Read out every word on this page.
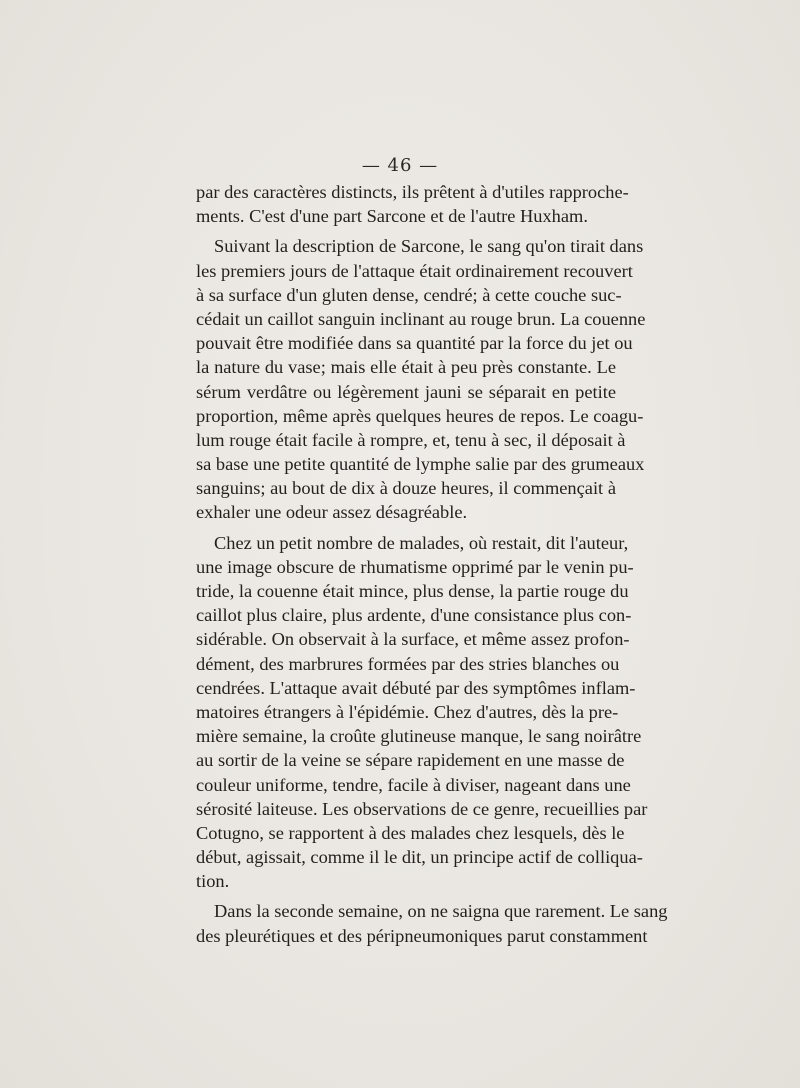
— 46 —
par des caractères distincts, ils prêtent à d'utiles rapproche-
ments. C'est d'une part Sarcone et de l'autre Huxham.
Suivant la description de Sarcone, le sang qu'on tirait dans
les premiers jours de l'attaque était ordinairement recouvert
à sa surface d'un gluten dense, cendré; à cette couche suc-
cédait un caillot sanguin inclinant au rouge brun. La couenne
pouvait être modifiée dans sa quantité par la force du jet ou
la nature du vase; mais elle était à peu près constante. Le
sérum verdâtre ou légèrement jauni se séparait en petite
proportion, même après quelques heures de repos. Le coagu-
lum rouge était facile à rompre, et, tenu à sec, il déposait à
sa base une petite quantité de lymphe salie par des grumeaux
sanguins; au bout de dix à douze heures, il commençait à
exhaler une odeur assez désagréable.
Chez un petit nombre de malades, où restait, dit l'auteur,
une image obscure de rhumatisme opprimé par le venin pu-
tride, la couenne était mince, plus dense, la partie rouge du
caillot plus claire, plus ardente, d'une consistance plus con-
sidérable. On observait à la surface, et même assez profon-
dément, des marbrures formées par des stries blanches ou
cendrées. L'attaque avait débuté par des symptômes inflam-
matoires étrangers à l'épidémie. Chez d'autres, dès la pre-
mière semaine, la croûte glutineuse manque, le sang noirâtre
au sortir de la veine se sépare rapidement en une masse de
couleur uniforme, tendre, facile à diviser, nageant dans une
sérosité laiteuse. Les observations de ce genre, recueillies par
Cotugno, se rapportent à des malades chez lesquels, dès le
début, agissait, comme il le dit, un principe actif de colliqua-
tion.
Dans la seconde semaine, on ne saigna que rarement. Le sang
des pleurétiques et des péripneumoniques parut constamment
